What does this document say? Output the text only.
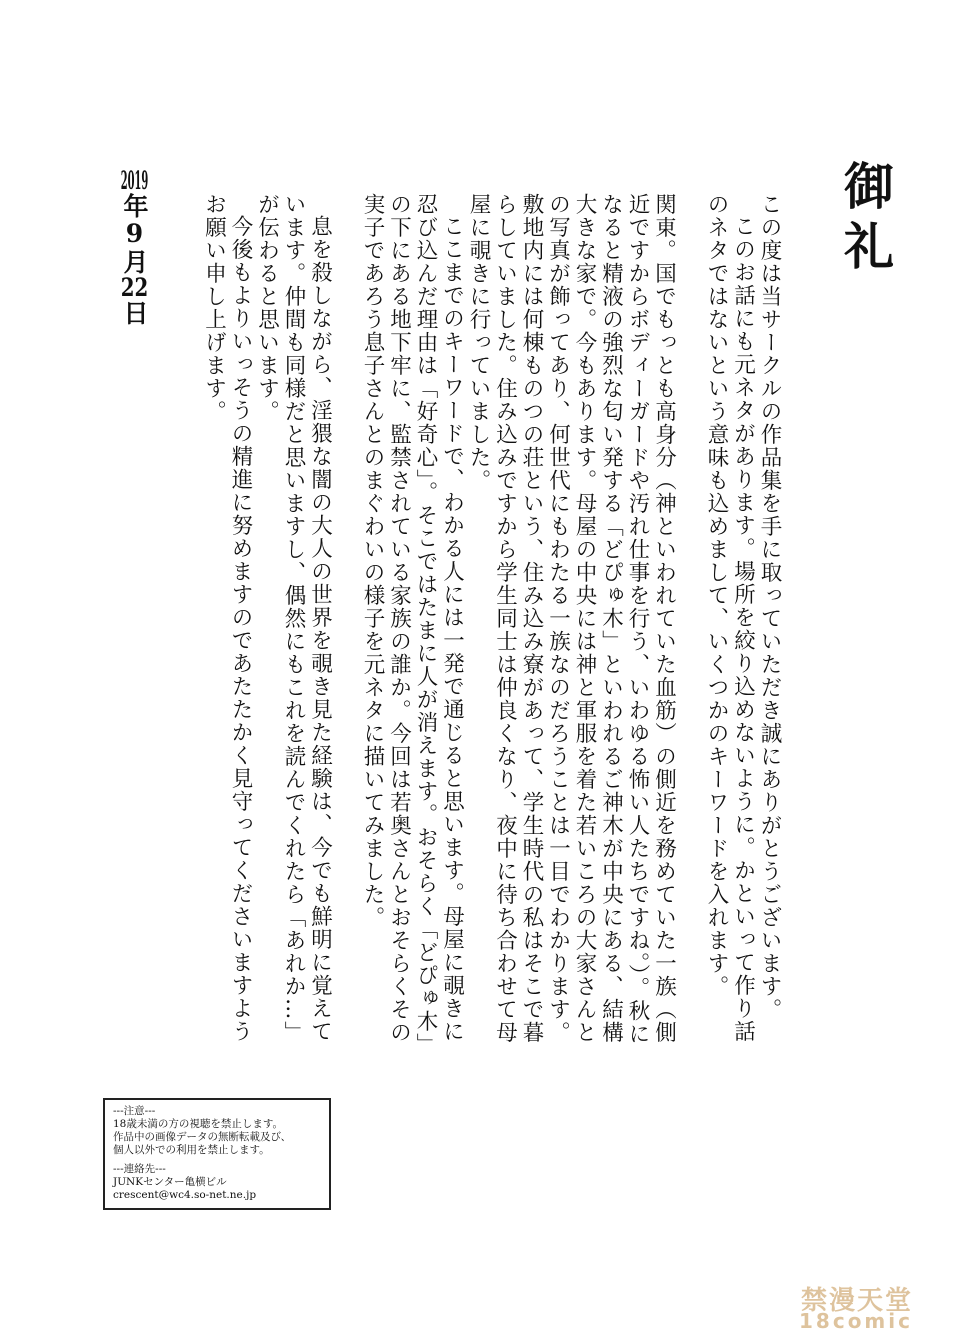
御礼

この度は当サークルの作品集を手に取っていただき誠にありがとうございます。

このお話にも元ネタがあります。場所を絞り込めないように。かといって作り話のネタではないという意味も込めまして、いくつかのキーワードを入れます。

関東。国でもっとも高身分（神といわれていた血筋）の側近を務めていた一族（側近ですからボディーガードや汚れ仕事を行う、いわゆる怖い人たちですね。）。秋になると精液の強烈な匂い発する「どぴゅ木」といわれるご神木が中央にある、結構大きな家で。今もあります。母屋の中央には神と軍服を着た若いころの大家さんとの写真が飾ってあり、何世代にもわたる一族なのだろうことは一目でわかります。敷地内には何棟ものつの荘という、住み込み寮があって、学生時代の私はそこで暮らしていました。住み込みですから学生同士は仲良くなり、夜中に待ち合わせて母屋に覗きに行っていました。

ここまでのキーワードで、わかる人には一発で通じると思います。母屋に覗きに忍び込んだ理由は「好奇心」。そこではたまに人が消えます。おそらく「どぴゅ木」の下にある地下牢に、監禁されている家族の誰か。今回は若奥さんとおそらくその実子であろう息子さんとのまぐわいの様子を元ネタに描いてみました。

息を殺しながら、淫猥な闇の大人の世界を覗き見た経験は、今でも鮮明に覚えています。仲間も同様だと思いますし、偶然にもこれを読んでくれたら「あれか…」が伝わると思います。

今後もよりいっそうの精進に努めますのであたたかく見守ってくださいますようお願い申し上げます。

2019年9月22日
---注意---
18歳未満の方の視聴を禁止します。
作品中の画像データの無断転載及び、
個人以外での利用を禁止します。
---連絡先---
JUNKセンター亀横ビル
crescent@wc4.so-net.ne.jp
禁漫天堂
18comic
